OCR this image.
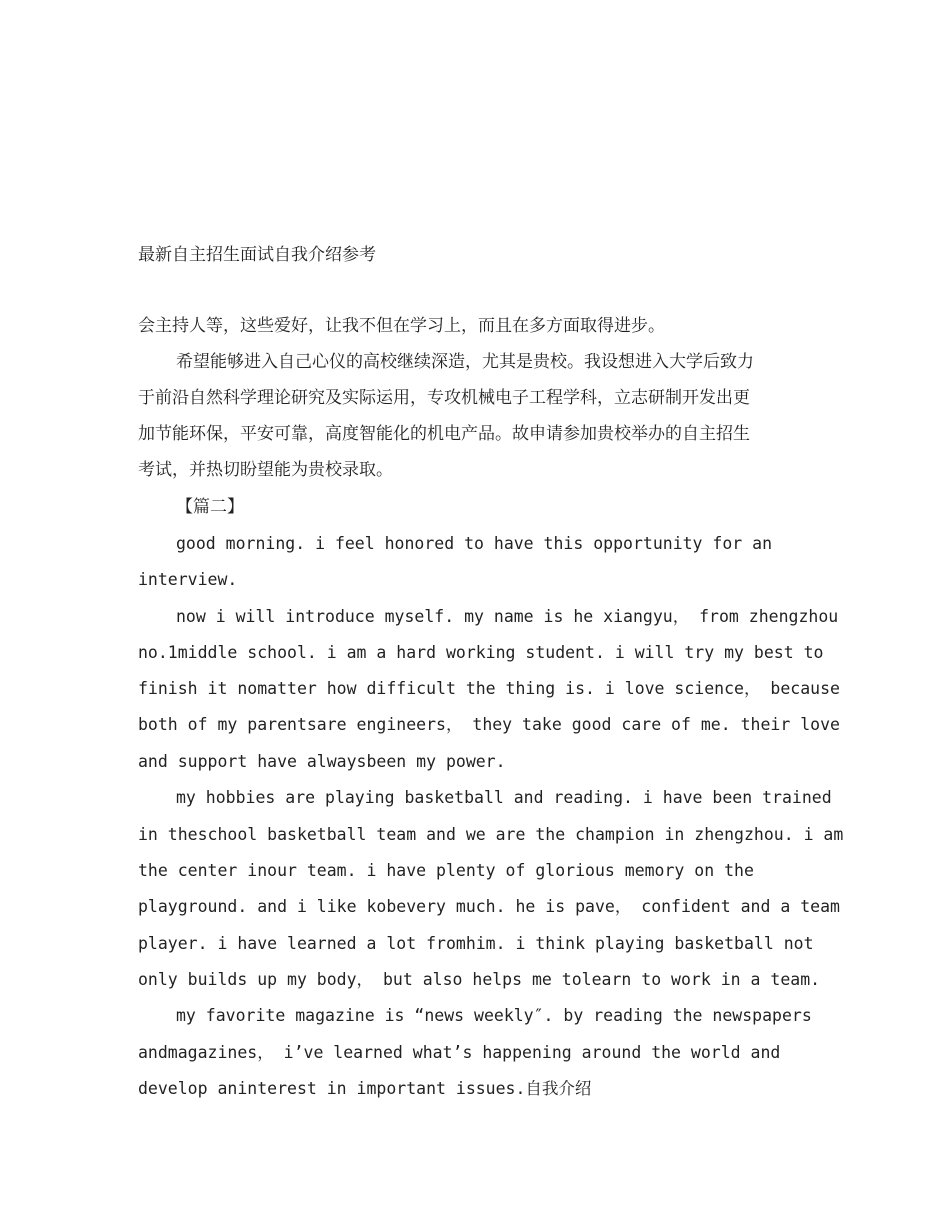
最新自主招生面试自我介绍参考
会主持人等，这些爱好，让我不但在学习上，而且在多方面取得进步。
希望能够进入自己心仪的高校继续深造，尤其是贵校。我设想进入大学后致力
于前沿自然科学理论研究及实际运用，专攻机械电子工程学科，立志研制开发出更
加节能环保，平安可靠，高度智能化的机电产品。故申请参加贵校举办的自主招生
考试，并热切盼望能为贵校录取。
【篇二】
good morning. i feel honored to have this opportunity for an
interview.
now i will introduce myself. my name is he xiangyu， from zhengzhou
no.1middle school. i am a hard working student. i will try my best to
finish it nomatter how difficult the thing is. i love science， because
both of my parentsare engineers， they take good care of me. their love
and support have alwaysbeen my power.
my hobbies are playing basketball and reading. i have been trained
in theschool basketball team and we are the champion in zhengzhou. i am
the center inour team. i have plenty of glorious memory on the
playground. and i like kobevery much. he is pave， confident and a team
player. i have learned a lot fromhim. i think playing basketball not
only builds up my body， but also helps me tolearn to work in a team.
my favorite magazine is “news weekly″. by reading the newspapers
andmagazines， i’ve learned what’s happening around the world and
develop aninterest in important issues.自我介绍
